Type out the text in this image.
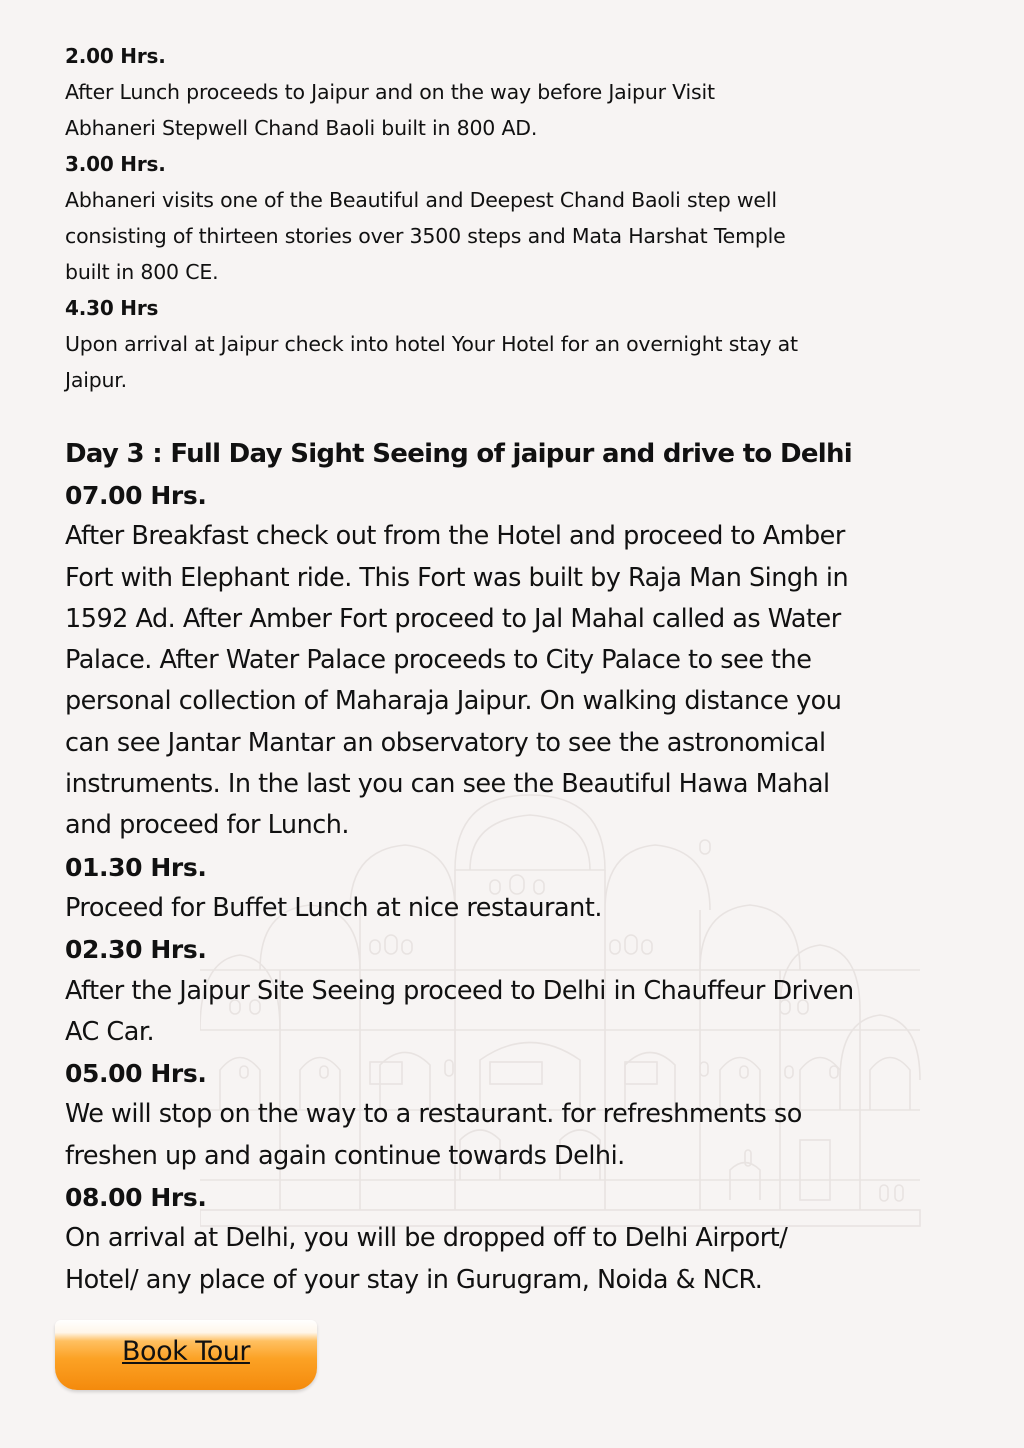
2.00 Hrs.
After Lunch proceeds to Jaipur and on the way before Jaipur Visit
Abhaneri Stepwell Chand Baoli built in 800 AD.
3.00 Hrs.
Abhaneri visits one of the Beautiful and Deepest Chand Baoli step well
consisting of thirteen stories over 3500 steps and Mata Harshat Temple
built in 800 CE.
4.30 Hrs
Upon arrival at Jaipur check into hotel Your Hotel for an overnight stay at
Jaipur.
Day 3 : Full Day Sight Seeing of jaipur and drive to Delhi
07.00 Hrs.
After Breakfast check out from the Hotel and proceed to Amber
Fort with Elephant ride. This Fort was built by Raja Man Singh in
1592 Ad. After Amber Fort proceed to Jal Mahal called as Water
Palace. After Water Palace proceeds to City Palace to see the
personal collection of Maharaja Jaipur. On walking distance you
can see Jantar Mantar an observatory to see the astronomical
instruments. In the last you can see the Beautiful Hawa Mahal
and proceed for Lunch.
01.30 Hrs.
Proceed for Buffet Lunch at nice restaurant.
02.30 Hrs.
After the Jaipur Site Seeing proceed to Delhi in Chauffeur Driven
AC Car.
05.00 Hrs.
We will stop on the way to a restaurant. for refreshments so
freshen up and again continue towards Delhi.
08.00 Hrs.
On arrival at Delhi, you will be dropped off to Delhi Airport/
Hotel/ any place of your stay in Gurugram, Noida & NCR.
Book Tour
